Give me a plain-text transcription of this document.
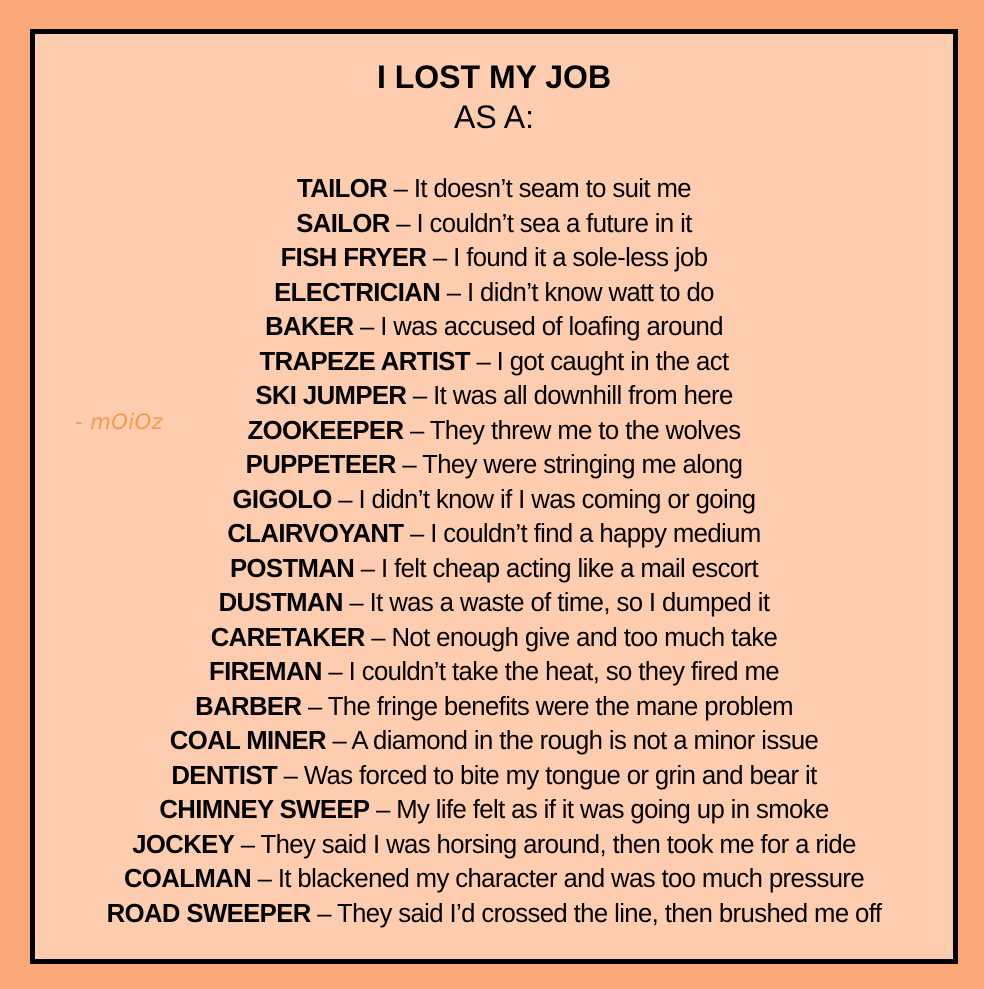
I LOST MY JOB
AS A:
- mOiOz
TAILOR – It doesn’t seam to suit me
SAILOR – I couldn’t sea a future in it
FISH FRYER – I found it a sole-less job
ELECTRICIAN – I didn’t know watt to do
BAKER – I was accused of loafing around
TRAPEZE ARTIST – I got caught in the act
SKI JUMPER – It was all downhill from here
ZOOKEEPER – They threw me to the wolves
PUPPETEER – They were stringing me along
GIGOLO – I didn’t know if I was coming or going
CLAIRVOYANT – I couldn’t find a happy medium
POSTMAN – I felt cheap acting like a mail escort
DUSTMAN – It was a waste of time, so I dumped it
CARETAKER – Not enough give and too much take
FIREMAN – I couldn’t take the heat, so they fired me
BARBER – The fringe benefits were the mane problem
COAL MINER – A diamond in the rough is not a minor issue
DENTIST – Was forced to bite my tongue or grin and bear it
CHIMNEY SWEEP – My life felt as if it was going up in smoke
JOCKEY – They said I was horsing around, then took me for a ride
COALMAN – It blackened my character and was too much pressure
ROAD SWEEPER – They said I’d crossed the line, then brushed me off
